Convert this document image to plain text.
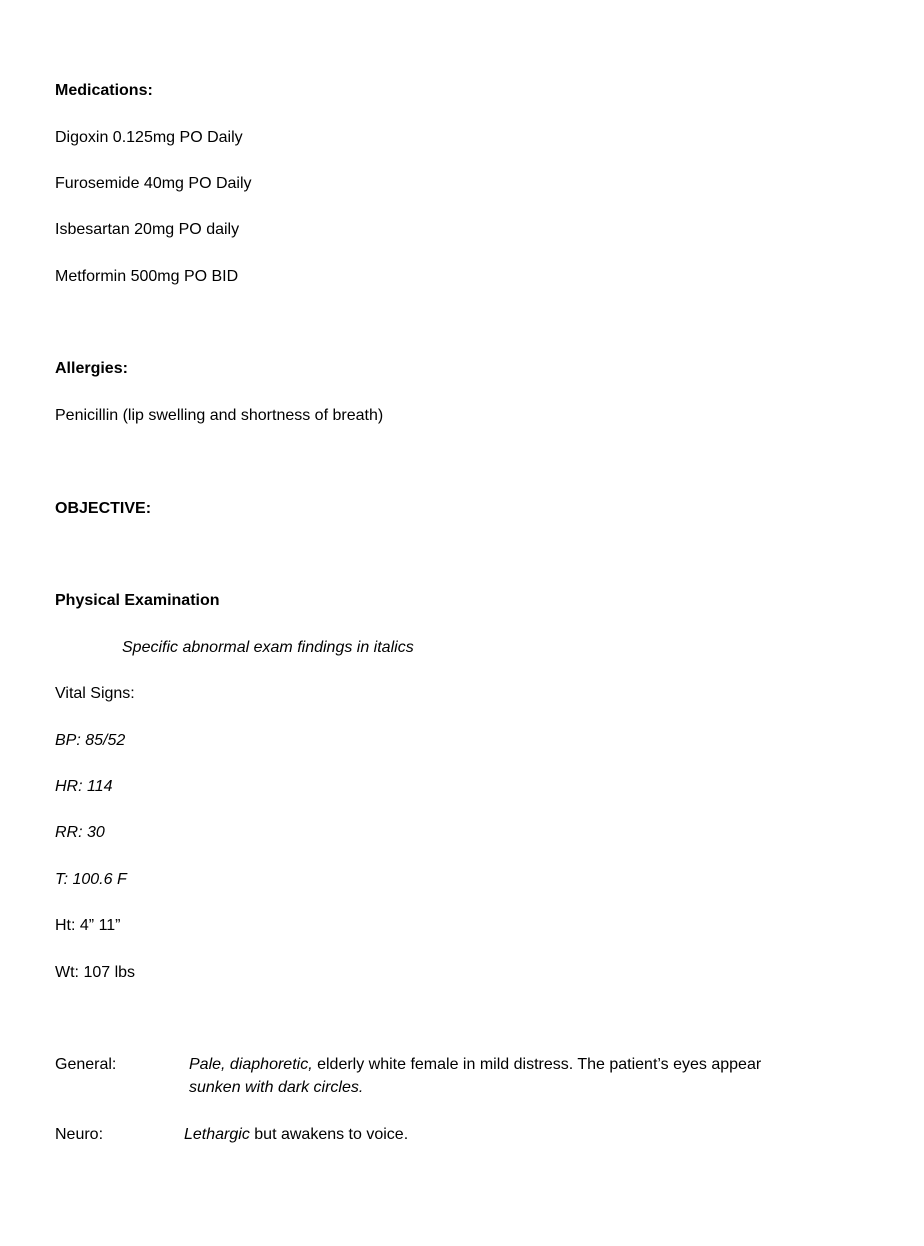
Medications:
Digoxin 0.125mg PO Daily
Furosemide 40mg PO Daily
Isbesartan 20mg PO daily
Metformin 500mg PO BID
Allergies:
Penicillin (lip swelling and shortness of breath)
OBJECTIVE:
Physical Examination
Specific abnormal exam findings in italics
Vital Signs:
BP: 85/52
HR: 114
RR: 30
T: 100.6 F
Ht: 4” 11”
Wt: 107 lbs
General:	Pale, diaphoretic, elderly white female in mild distress. The patient’s eyes appear
sunken with dark circles.
Neuro:	Lethargic but awakens to voice.
